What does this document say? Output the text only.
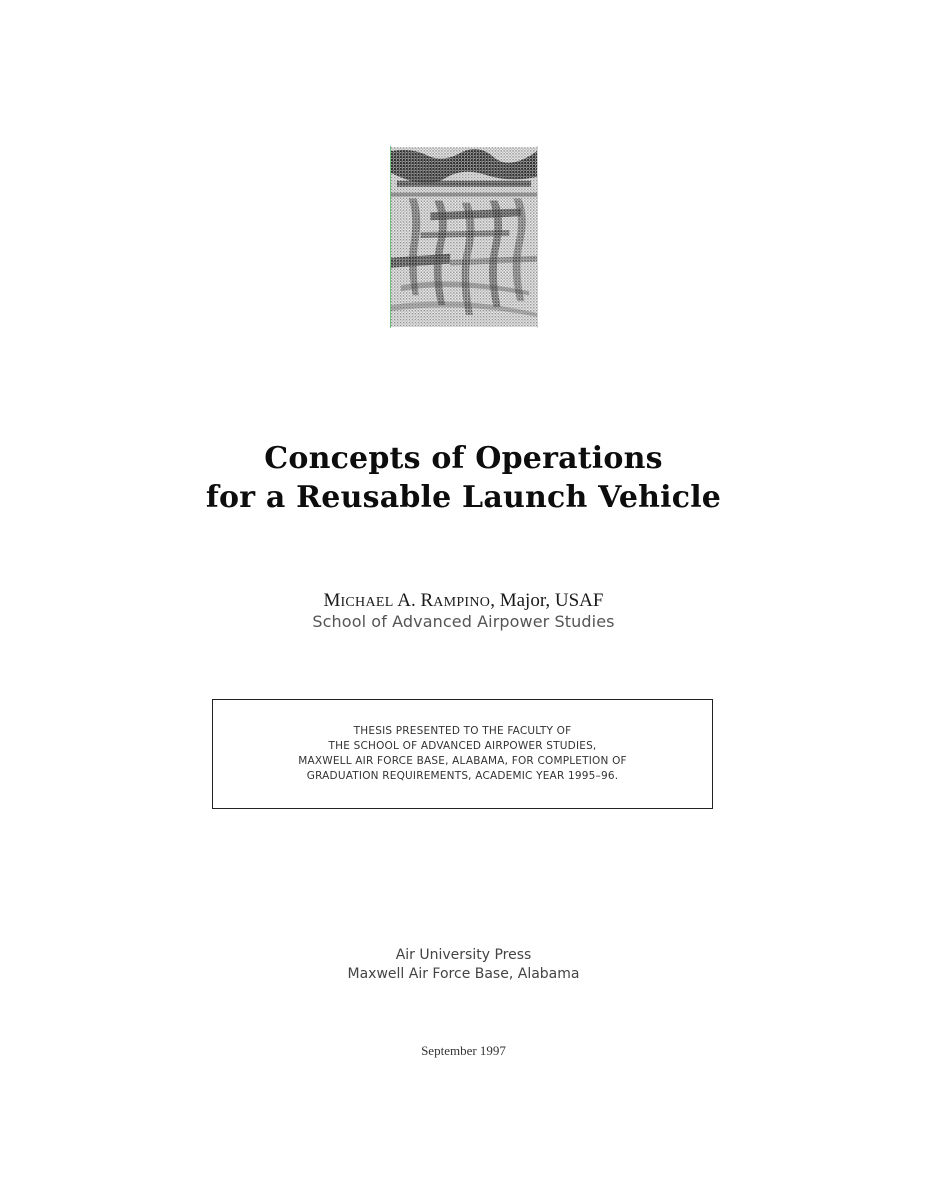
Concepts of Operations
for a Reusable Launch Vehicle
MICHAEL A. RAMPINO, Major, USAF
School of Advanced Airpower Studies
THESIS PRESENTED TO THE FACULTY OF
THE SCHOOL OF ADVANCED AIRPOWER STUDIES,
MAXWELL AIR FORCE BASE, ALABAMA, FOR COMPLETION OF
GRADUATION REQUIREMENTS, ACADEMIC YEAR 1995–96.
Air University Press
Maxwell Air Force Base, Alabama
September 1997
